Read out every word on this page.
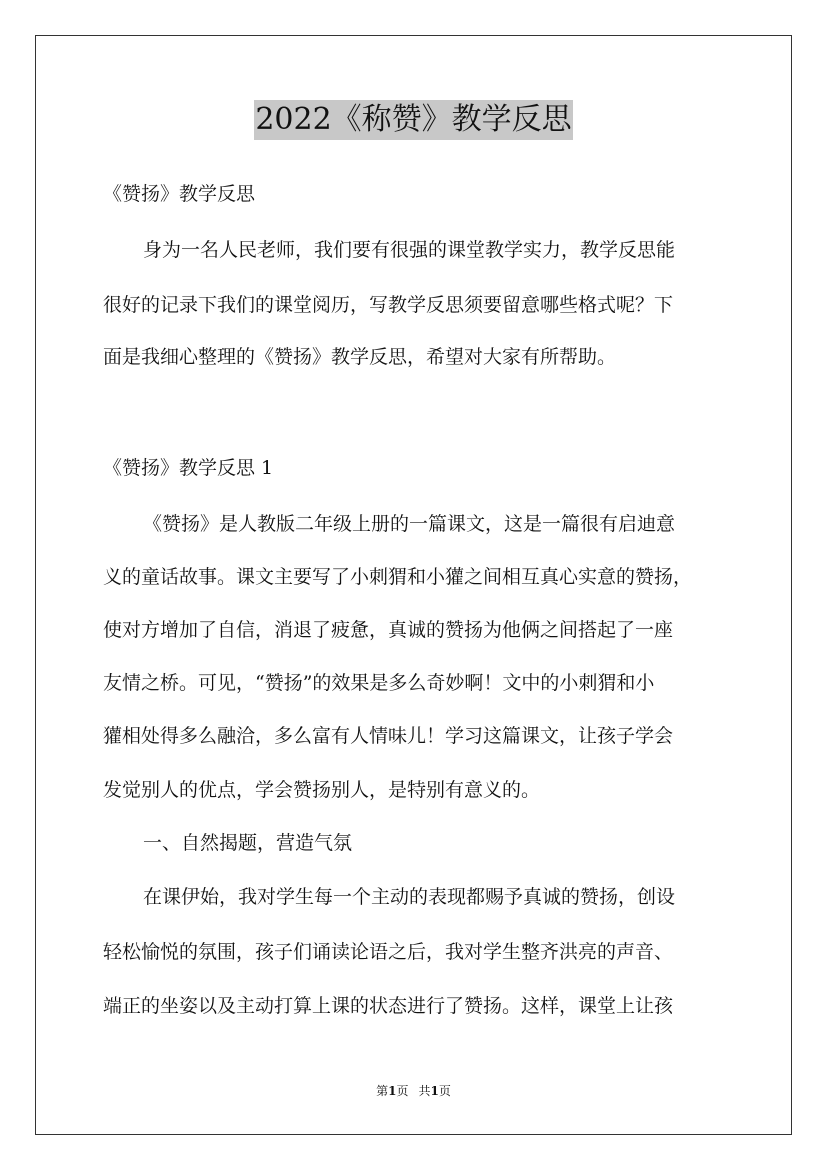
2022《称赞》教学反思
《赞扬》教学反思
身为一名人民老师，我们要有很强的课堂教学实力，教学反思能
很好的记录下我们的课堂阅历，写教学反思须要留意哪些格式呢？下
面是我细心整理的《赞扬》教学反思，希望对大家有所帮助。
《赞扬》教学反思 1
《赞扬》是人教版二年级上册的一篇课文，这是一篇很有启迪意
义的童话故事。课文主要写了小刺猬和小獾之间相互真心实意的赞扬，
使对方增加了自信，消退了疲惫，真诚的赞扬为他俩之间搭起了一座
友情之桥。可见，“赞扬”的效果是多么奇妙啊！文中的小刺猬和小
獾相处得多么融洽，多么富有人情味儿！学习这篇课文，让孩子学会
发觉别人的优点，学会赞扬别人，是特别有意义的。
一、自然揭题，营造气氛
在课伊始，我对学生每一个主动的表现都赐予真诚的赞扬，创设
轻松愉悦的氛围，孩子们诵读论语之后，我对学生整齐洪亮的声音、
端正的坐姿以及主动打算上课的状态进行了赞扬。这样，课堂上让孩
第1页 共1页
